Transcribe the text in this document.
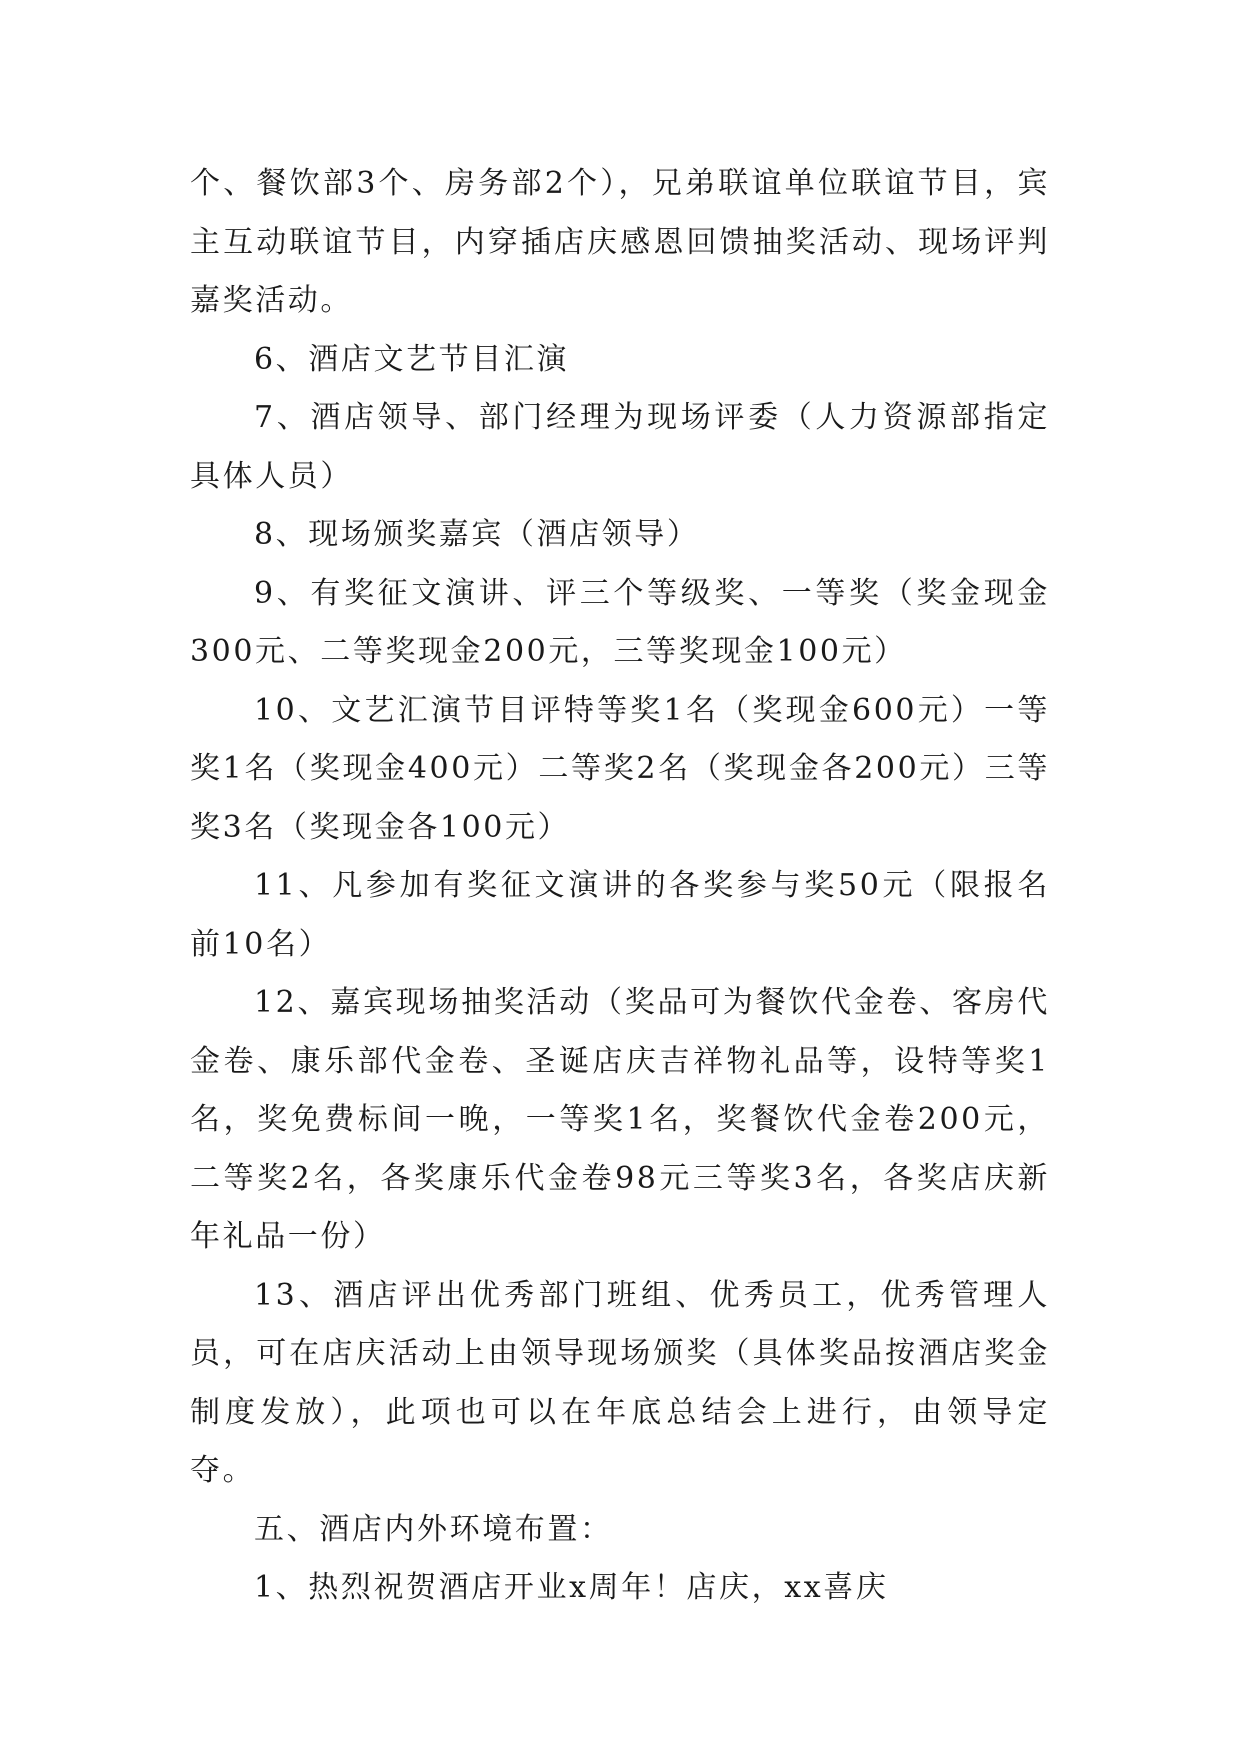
个、餐饮部3个、房务部2个），兄弟联谊单位联谊节目，宾主互动联谊节目，内穿插店庆感恩回馈抽奖活动、现场评判嘉奖活动。

6、酒店文艺节目汇演

7、酒店领导、部门经理为现场评委（人力资源部指定具体人员）

8、现场颁奖嘉宾（酒店领导）

9、有奖征文演讲、评三个等级奖、一等奖（奖金现金300元、二等奖现金200元，三等奖现金100元）

10、文艺汇演节目评特等奖1名（奖现金600元）一等奖1名（奖现金400元）二等奖2名（奖现金各200元）三等奖3名（奖现金各100元）

11、凡参加有奖征文演讲的各奖参与奖50元（限报名前10名）

12、嘉宾现场抽奖活动（奖品可为餐饮代金卷、客房代金卷、康乐部代金卷、圣诞店庆吉祥物礼品等，设特等奖1名，奖免费标间一晚，一等奖1名，奖餐饮代金卷200元，二等奖2名，各奖康乐代金卷98元三等奖3名，各奖店庆新年礼品一份）

13、酒店评出优秀部门班组、优秀员工，优秀管理人员，可在店庆活动上由领导现场颁奖（具体奖品按酒店奖金制度发放），此项也可以在年底总结会上进行，由领导定夺。

五、酒店内外环境布置：

1、热烈祝贺酒店开业x周年！店庆，xx喜庆
